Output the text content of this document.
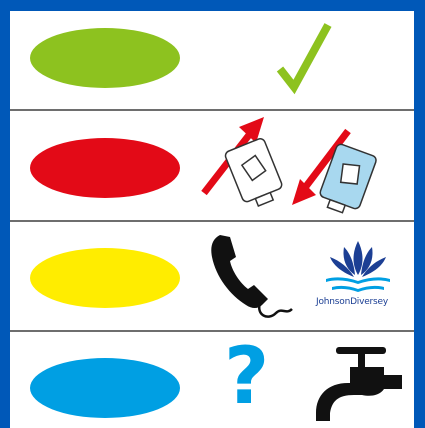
JohnsonDiversey
?
